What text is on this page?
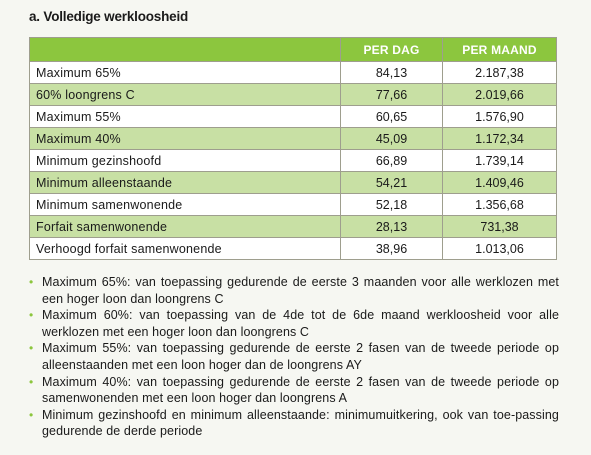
a. Volledige werkloosheid
	PER DAG	PER MAAND
Maximum 65%	84,13	2.187,38
60% loongrens C	77,66	2.019,66
Maximum 55%	60,65	1.576,90
Maximum 40%	45,09	1.172,34
Minimum gezinshoofd	66,89	1.739,14
Minimum alleenstaande	54,21	1.409,46
Minimum samenwonende	52,18	1.356,68
Forfait samenwonende	28,13	731,38
Verhoogd forfait samenwonende	38,96	1.013,06
• Maximum 65%: van toepassing gedurende de eerste 3 maanden voor alle werklozen met een hoger loon dan loongrens C
• Maximum 60%: van toepassing van de 4de tot de 6de maand werkloosheid voor alle werklozen met een hoger loon dan loongrens C
• Maximum 55%: van toepassing gedurende de eerste 2 fasen van de tweede periode op alleenstaanden met een loon hoger dan de loongrens AY
• Maximum 40%: van toepassing gedurende de eerste 2 fasen van de tweede periode op samenwonenden met een loon hoger dan loongrens A
• Minimum gezinshoofd en minimum alleenstaande: minimumuitkering, ook van toe-passing gedurende de derde periode
